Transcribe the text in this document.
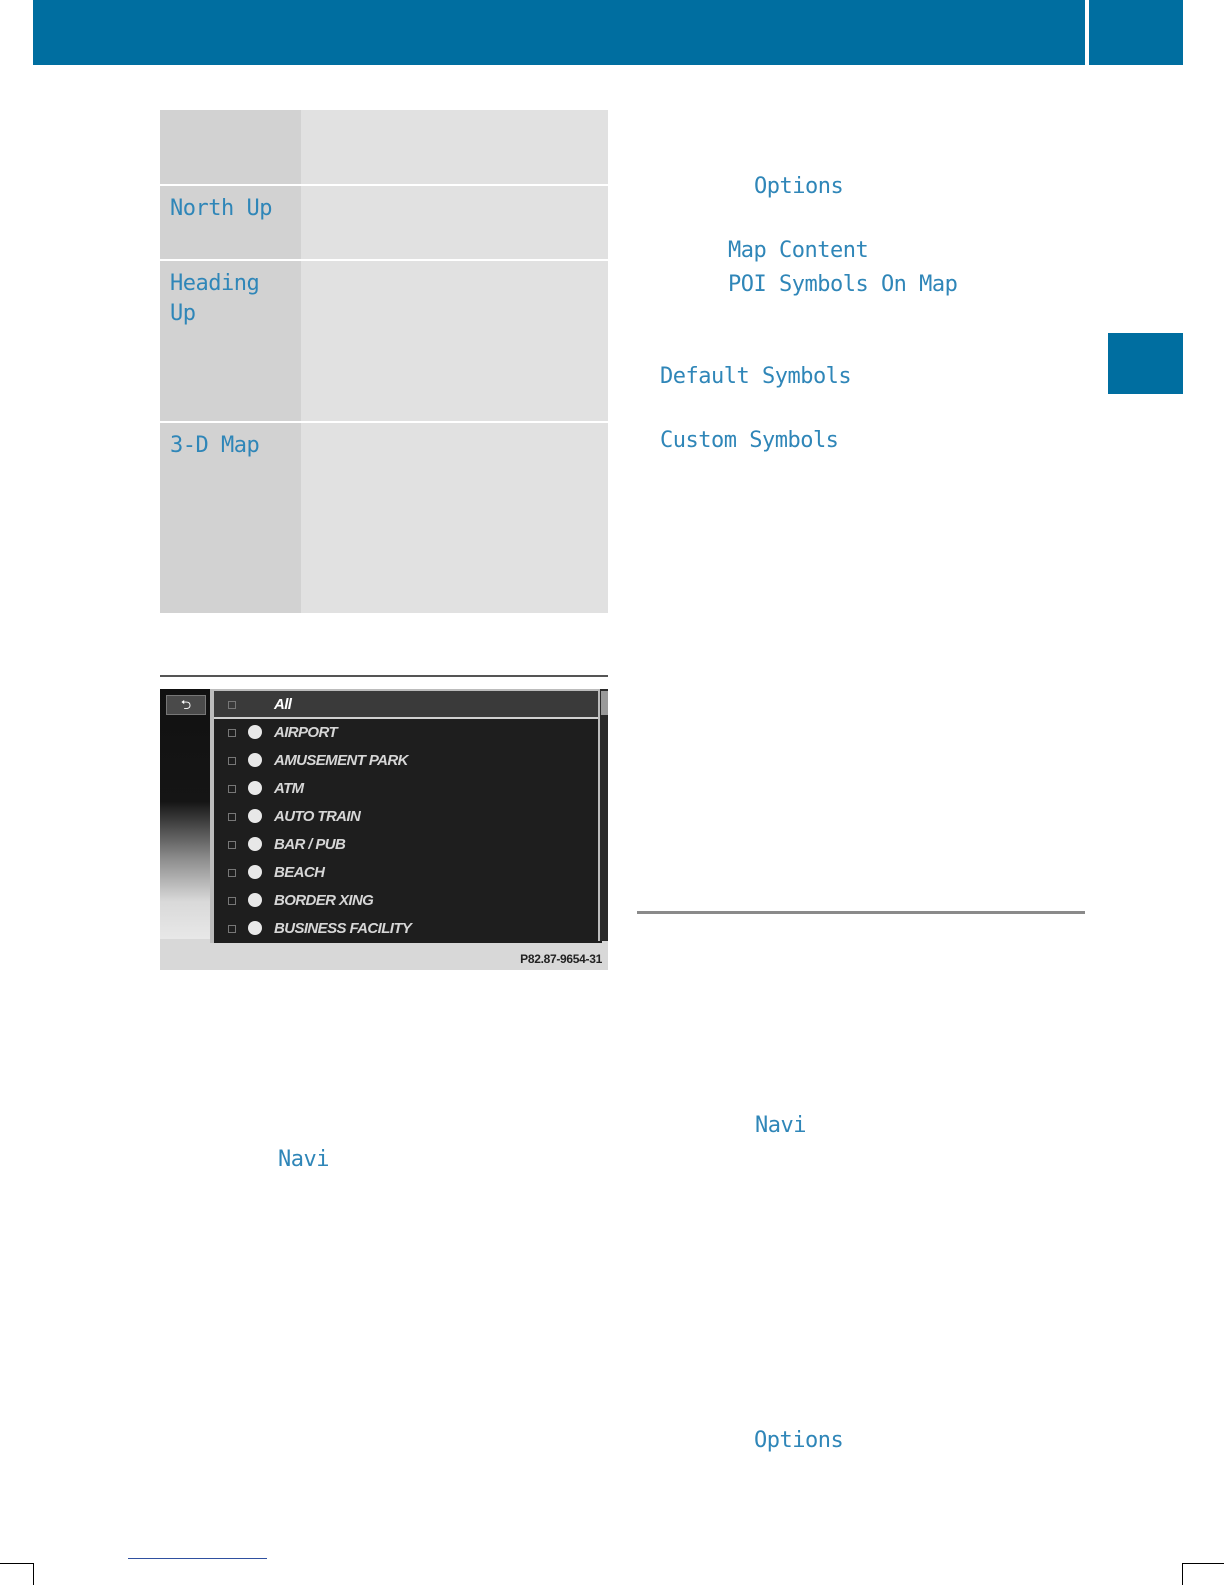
North Up
Heading
Up
3-D Map
⮌	All
AIRPORT
AMUSEMENT PARK
ATM
AUTO TRAIN
BAR / PUB
BEACH
BORDER XING
BUSINESS FACILITY
P82.87-9654-31
Navi
Options
Map Content
POI Symbols On Map
Default Symbols
Custom Symbols
Navi
Options
